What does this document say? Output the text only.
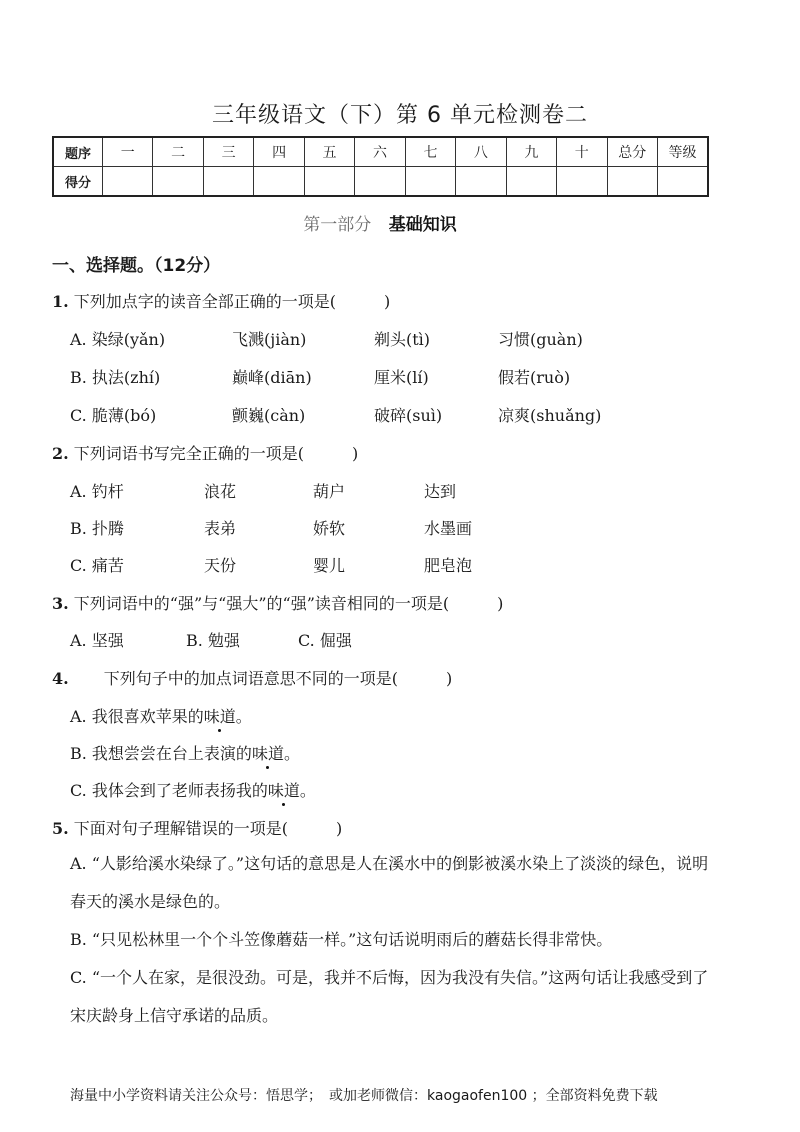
三年级语文（下）第 6 单元检测卷二
题序	一	二	三	四	五	六	七	八	九	十	总分	等级
得分												
第一部分 基础知识
一、选择题。（12分）
1. 下列加点字的读音全部正确的一项是(　　　)
A. 染绿(yǎn)	飞溅(jiàn)	剃头(tì)	习惯(guàn)
B. 执法(zhí)	巅峰(diān)	厘米(lí)	假若(ruò)
C. 脆薄(bó)	颤巍(càn)	破碎(suì)	凉爽(shuǎng)
2. 下列词语书写完全正确的一项是(　　　)
A. 钓杆	浪花	葫户	达到
B. 扑腾	表弟	娇软	水墨画
C. 痛苦	天份	婴儿	肥皂泡
3. 下列词语中的“强”与“强大”的“强”读音相同的一项是(　　　)
A. 坚强	B. 勉强	C. 倔强
4. 下列句子中的加点词语意思不同的一项是(　　　)
A. 我很喜欢苹果的味道。
B. 我想尝尝在台上表演的味道。
C. 我体会到了老师表扬我的味道。
5. 下面对句子理解错误的一项是(　　　)
A. “人影给溪水染绿了。”这句话的意思是人在溪水中的倒影被溪水染上了淡淡的绿色，说明春天的溪水是绿色的。
B. “只见松林里一个个斗笠像蘑菇一样。”这句话说明雨后的蘑菇长得非常快。
C. “一个人在家，是很没劲。可是，我并不后悔，因为我没有失信。”这两句话让我感受到了宋庆龄身上信守承诺的品质。
海量中小学资料请关注公众号：悟思学；　或加老师微信：kaogaofen100 ；全部资料免费下载
